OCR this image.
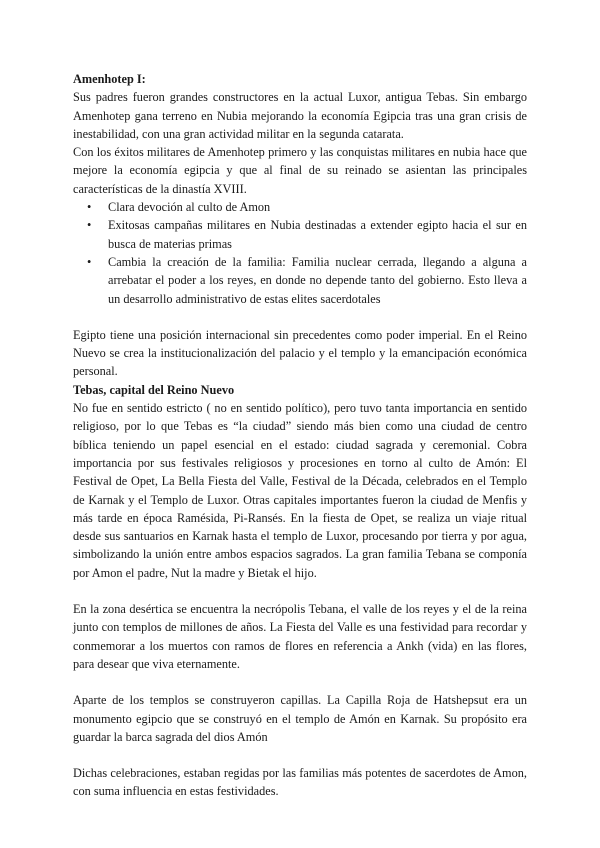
Amenhotep I:

Sus padres fueron grandes constructores en la actual Luxor, antigua Tebas. Sin embargo Amenhotep gana terreno en Nubia mejorando la economía Egipcia tras una gran crisis de inestabilidad, con una gran actividad militar en la segunda catarata.

Con los éxitos militares de Amenhotep primero y las conquistas militares en nubia hace que mejore la economía egipcia y que al final de su reinado se asientan las principales características de la dinastía XVIII.

• Clara devoción al culto de Amon
• Exitosas campañas militares en Nubia destinadas a extender egipto hacia el sur en busca de materias primas
• Cambia la creación de la familia: Familia nuclear cerrada, llegando a alguna a arrebatar el poder a los reyes, en donde no depende tanto del gobierno. Esto lleva a un desarrollo administrativo de estas elites sacerdotales

Egipto tiene una posición internacional sin precedentes como poder imperial. En el Reino Nuevo se crea la institucionalización del palacio y el templo y la emancipación económica personal.

Tebas, capital del Reino Nuevo

No fue en sentido estricto ( no en sentido político), pero tuvo tanta importancia en sentido religioso, por lo que Tebas es “la ciudad” siendo más bien como una ciudad de centro bíblica teniendo un papel esencial en el estado: ciudad sagrada y ceremonial. Cobra importancia por sus festivales religiosos y procesiones en torno al culto de Amón: El Festival de Opet, La Bella Fiesta del Valle, Festival de la Década, celebrados en el Templo de Karnak y el Templo de Luxor. Otras capitales importantes fueron la ciudad de Menfis y más tarde en época Ramésida, Pi-Ransés. En la fiesta de Opet, se realiza un viaje ritual desde sus santuarios en Karnak hasta el templo de Luxor, procesando por tierra y por agua, simbolizando la unión entre ambos espacios sagrados. La gran familia Tebana se componía por Amon el padre, Nut la madre y Bietak el hijo.

En la zona desértica se encuentra la necrópolis Tebana, el valle de los reyes y el de la reina junto con templos de millones de años. La Fiesta del Valle es una festividad para recordar y conmemorar a los muertos con ramos de flores en referencia a Ankh (vida) en las flores, para desear que viva eternamente.

Aparte de los templos se construyeron capillas. La Capilla Roja de Hatshepsut era un monumento egipcio que se construyó en el templo de Amón en Karnak. Su propósito era guardar la barca sagrada del dios Amón

Dichas celebraciones, estaban regidas por las familias más potentes de sacerdotes de Amon, con suma influencia en estas festividades.
